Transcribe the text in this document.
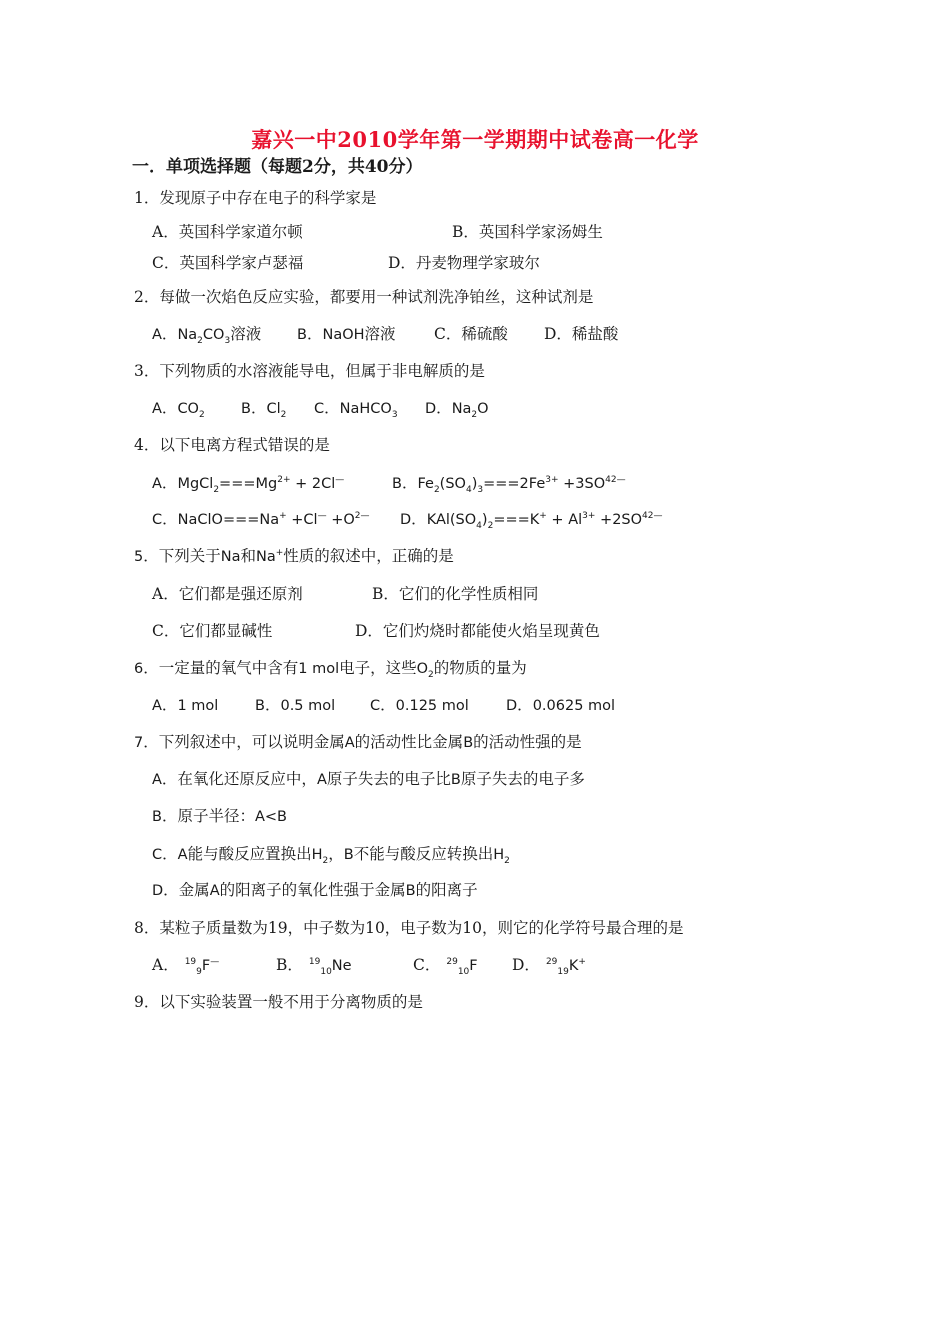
嘉兴一中2010学年第一学期期中试卷高一化学
一．单项选择题（每题2分，共40分）
1．发现原子中存在电子的科学家是
A．英国科学家道尔顿	B．英国科学家汤姆生
C．英国科学家卢瑟福	D．丹麦物理学家玻尔
2．每做一次焰色反应实验，都要用一种试剂洗净铂丝，这种试剂是
A．$Na_2CO_3$溶液 B．NaOH溶液 C．稀硫酸 D．稀盐酸
3．下列物质的水溶液能导电，但属于非电解质的是
A．$CO_2$	B．$Cl_2$ C．NaHCO$_3$ D．$Na_2O$
4．以下电离方程式错误的是
A．$MgCl_2===Mg^{2+} + 2Cl^—$	B．$Fe_2(SO_4)_3===2Fe^{3+} +3SO^{42—}$
C．NaClO===Na+ $+Cl^— +O^{2—}$ D．$KAl(SO_4)_2===K^+ + Al^{3+} +2SO^{42—}$
5．下列关于Na和Na+性质的叙述中，正确的是
A．它们都是强还原剂	B．它们的化学性质相同
C．它们都显碱性	D．它们灼烧时都能使火焰呈现黄色
6．一定量的氧气中含有1 mol电子，这些$O_2$的物质的量为
A．1 mol	B．0.5 mol C．0.125 mol	D．0.0625 mol
7．下列叙述中，可以说明金属A的活动性比金属B的活动性强的是
A．在氧化还原反应中，A原子失去的电子比B原子失去的电子多
B．原子半径：A<B
C．A能与酸反应置换出$H_2$，B不能与酸反应转换出$H_2$
D．金属A的阳离子的氧化性强于金属B的阳离子
8．某粒子质量数为19，中子数为10，电子数为10，则它的化学符号最合理的是
A． $^{19}_9$F—	B． $^{19}_{10}$Ne	C． $^{29}_{10}$F D． $^{29}_{19}$K+
9．以下实验装置一般不用于分离物质的是
